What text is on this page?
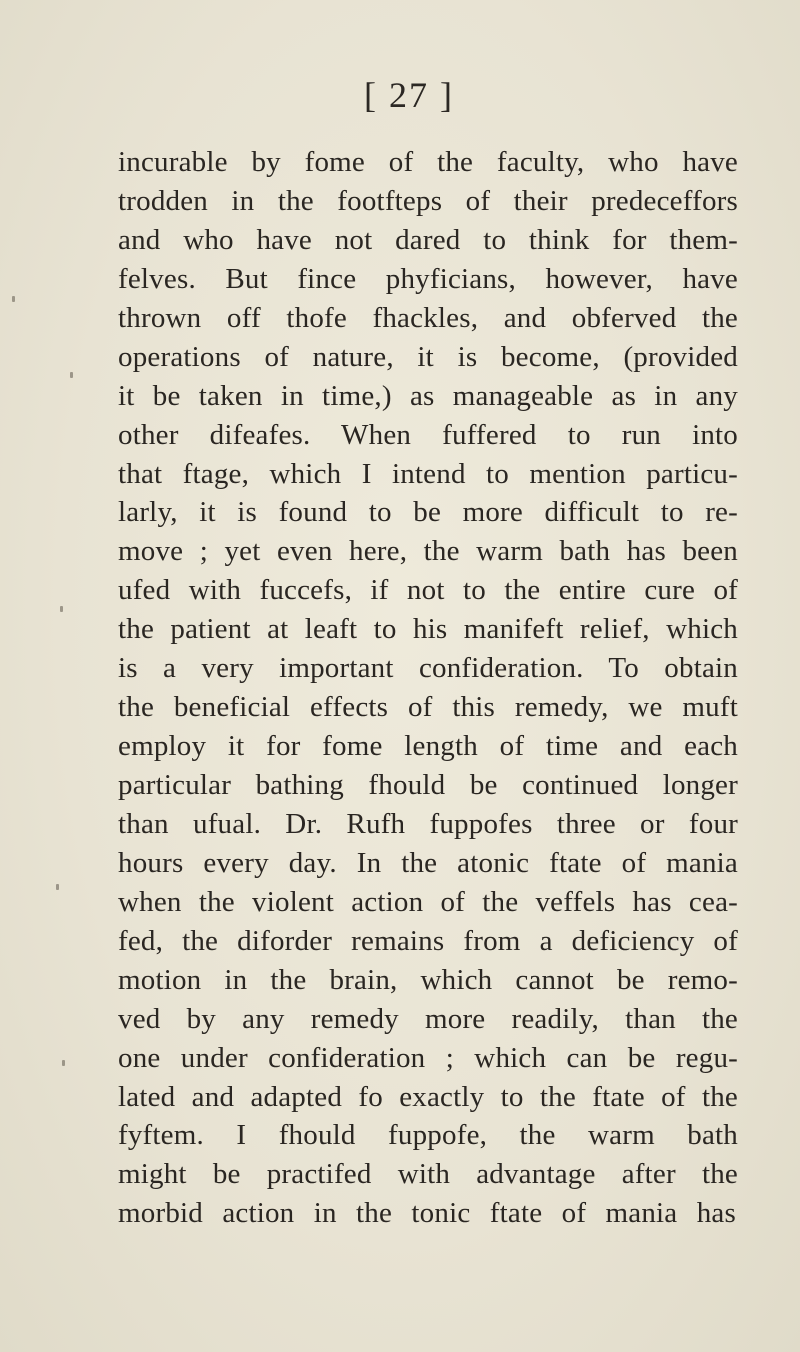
[ 27 ]
incurable by fome of the faculty, who have
trodden in the footfteps of their predeceffors
and who have not dared to think for them-
felves. But fince phyficians, however, have
thrown off thofe fhackles, and obferved the
operations of nature, it is become, (provided
it be taken in time,) as manageable as in any
other difeafes. When fuffered to run into
that ftage, which I intend to mention particu-
larly, it is found to be more difficult to re-
move ; yet even here, the warm bath has been
ufed with fuccefs, if not to the entire cure of
the patient at leaft to his manifeft relief, which
is a very important confideration. To obtain
the beneficial effects of this remedy, we muft
employ it for fome length of time and each
particular bathing fhould be continued longer
than ufual. Dr. Rufh fuppofes three or four
hours every day. In the atonic ftate of mania
when the violent action of the veffels has cea-
fed, the diforder remains from a deficiency of
motion in the brain, which cannot be remo-
ved by any remedy more readily, than the
one under confideration ; which can be regu-
lated and adapted fo exactly to the ftate of the
fyftem. I fhould fuppofe, the warm bath
might be practifed with advantage after the
morbid action in the tonic ftate of mania has
